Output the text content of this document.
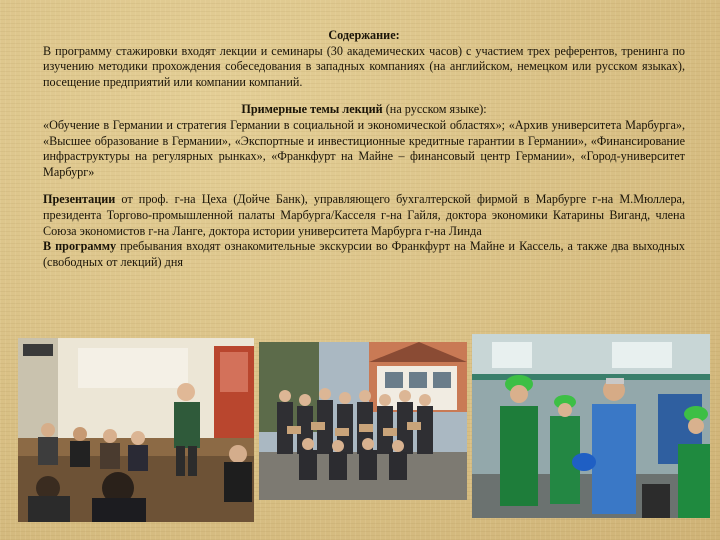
Содержание:

В программу стажировки входят лекции и семинары (30 академических часов) с участием трех референтов, тренинга по изучению методики прохождения собеседования в западных компаниях (на английском, немецком или русском языках), посещение предприятий или компании компаний.

Примерные темы лекций (на русском языке):

«Обучение в Германии и стратегия Германии в социальной и экономической областях»; «Архив университета Марбурга», «Высшее образование в Германии», «Экспортные и инвестиционные кредитные гарантии в Германии», «Финансирование инфраструктуры на регулярных рынках», «Франкфурт на Майне – финансовый центр Германии», «Город-университет Марбург»

Презентации от проф. г-на Цеха (Дойче Банк), управляющего бухгалтерской фирмой в Марбурге г-на М.Мюллера, президента Торгово-промышленной палаты Марбурга/Касселя г-на Гайля, доктора экономики Катарины Виганд, члена Союза экономистов г-на Ланге, доктора истории университета Марбурга г-на Линда

В программу пребывания входят ознакомительные экскурсии во Франкфурт на Майне и Кассель, а также два выходных (свободных от лекций) дня
